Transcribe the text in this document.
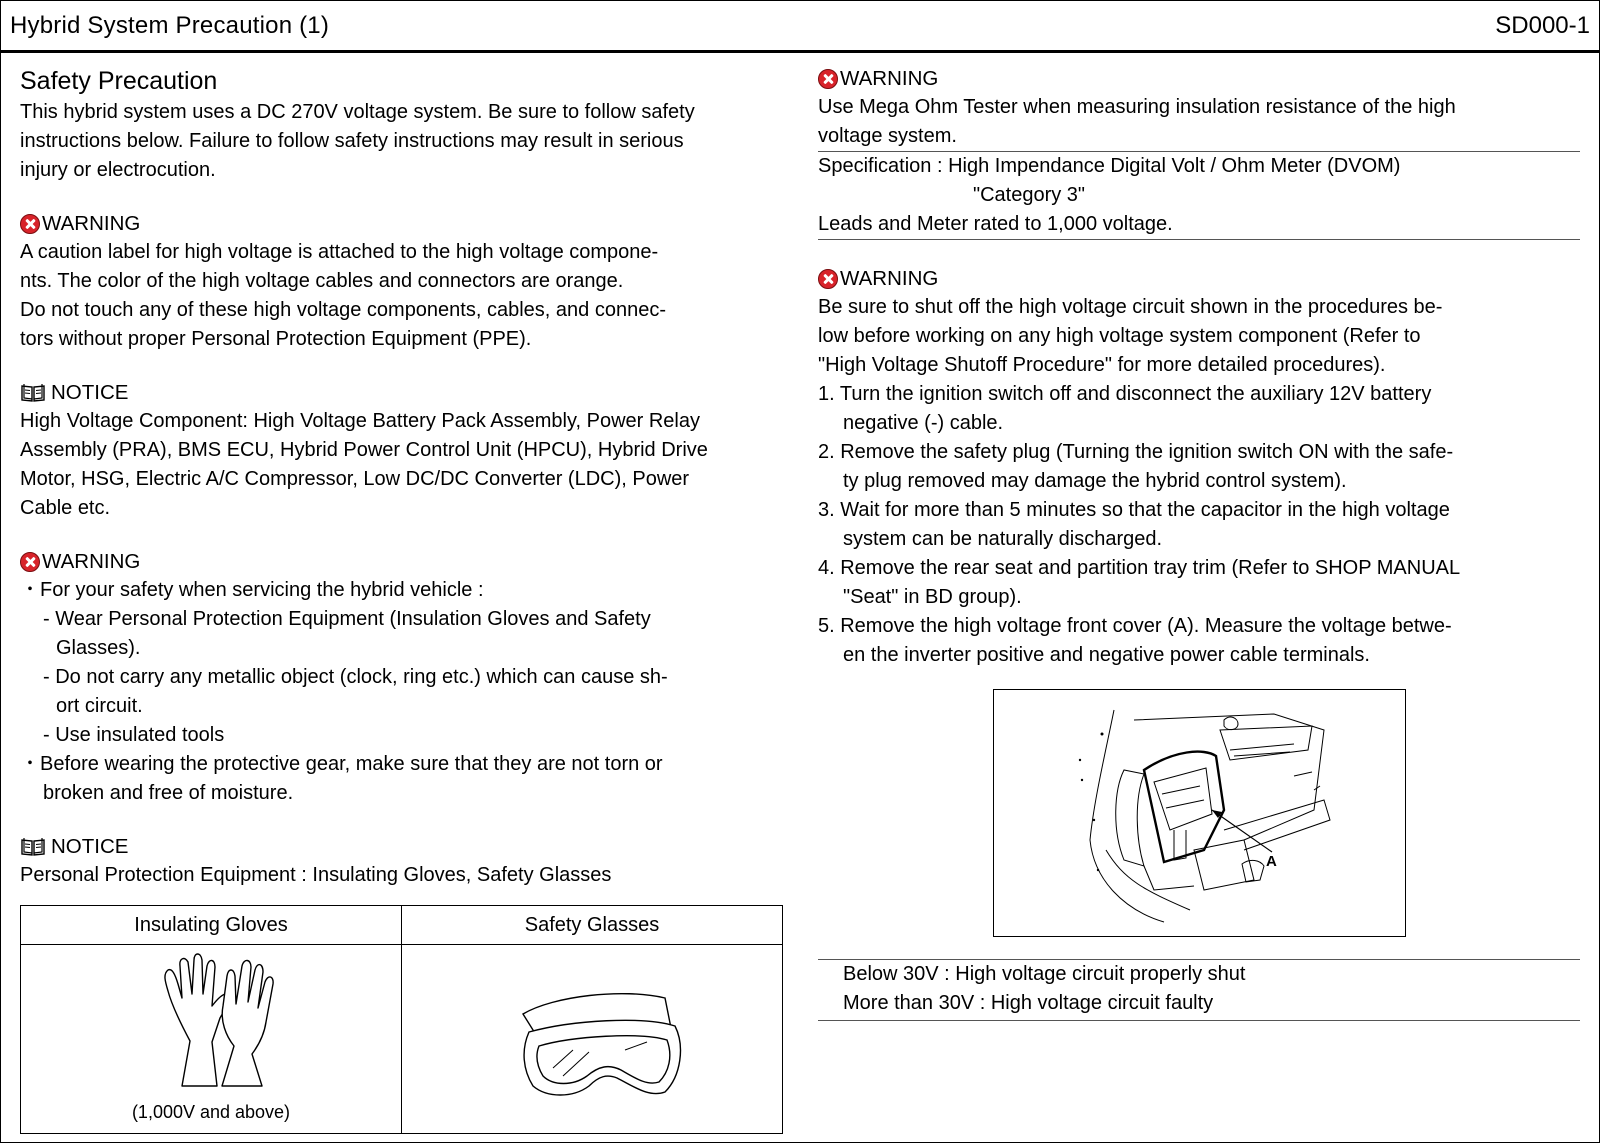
Hybrid System Precaution (1)	SD000-1
Safety Precaution
This hybrid system uses a DC 270V voltage system. Be sure to follow safety
instructions below. Failure to follow safety instructions may result in serious
injury or electrocution.
WARNING
A caution label for high voltage is attached to the high voltage compone-
nts. The color of the high voltage cables and connectors are orange.
Do not touch any of these high voltage components, cables, and connec-
tors without proper Personal Protection Equipment (PPE).
NOTICE
High Voltage Component: High Voltage Battery Pack Assembly, Power Relay
Assembly (PRA), BMS ECU, Hybrid Power Control Unit (HPCU), Hybrid Drive
Motor, HSG, Electric A/C Compressor, Low DC/DC Converter (LDC), Power
Cable etc.
WARNING
・For your safety when servicing the hybrid vehicle :
- Wear Personal Protection Equipment (Insulation Gloves and Safety
Glasses).
- Do not carry any metallic object (clock, ring etc.) which can cause sh-
ort circuit.
- Use insulated tools
・Before wearing the protective gear, make sure that they are not torn or
broken and free of moisture.
NOTICE
Personal Protection Equipment : Insulating Gloves, Safety Glasses
Insulating Gloves	Safety Glasses

(1,000V and above)

WARNING
Use Mega Ohm Tester when measuring insulation resistance of the high
voltage system.
Specification : High Impendance Digital Volt / Ohm Meter (DVOM)
"Category 3"
Leads and Meter rated to 1,000 voltage.
WARNING
Be sure to shut off the high voltage circuit shown in the procedures be-
low before working on any high voltage system component (Refer to
"High Voltage Shutoff Procedure" for more detailed procedures).
1. Turn the ignition switch off and disconnect the auxiliary 12V battery
negative (-) cable.
2. Remove the safety plug (Turning the ignition switch ON with the safe-
ty plug removed may damage the hybrid control system).
3. Wait for more than 5 minutes so that the capacitor in the high voltage
system can be naturally discharged.
4. Remove the rear seat and partition tray trim (Refer to SHOP MANUAL
"Seat" in BD group).
5. Remove the high voltage front cover (A). Measure the voltage betwe-
en the inverter positive and negative power cable terminals.
A
Below 30V : High voltage circuit properly shut
More than 30V : High voltage circuit faulty
